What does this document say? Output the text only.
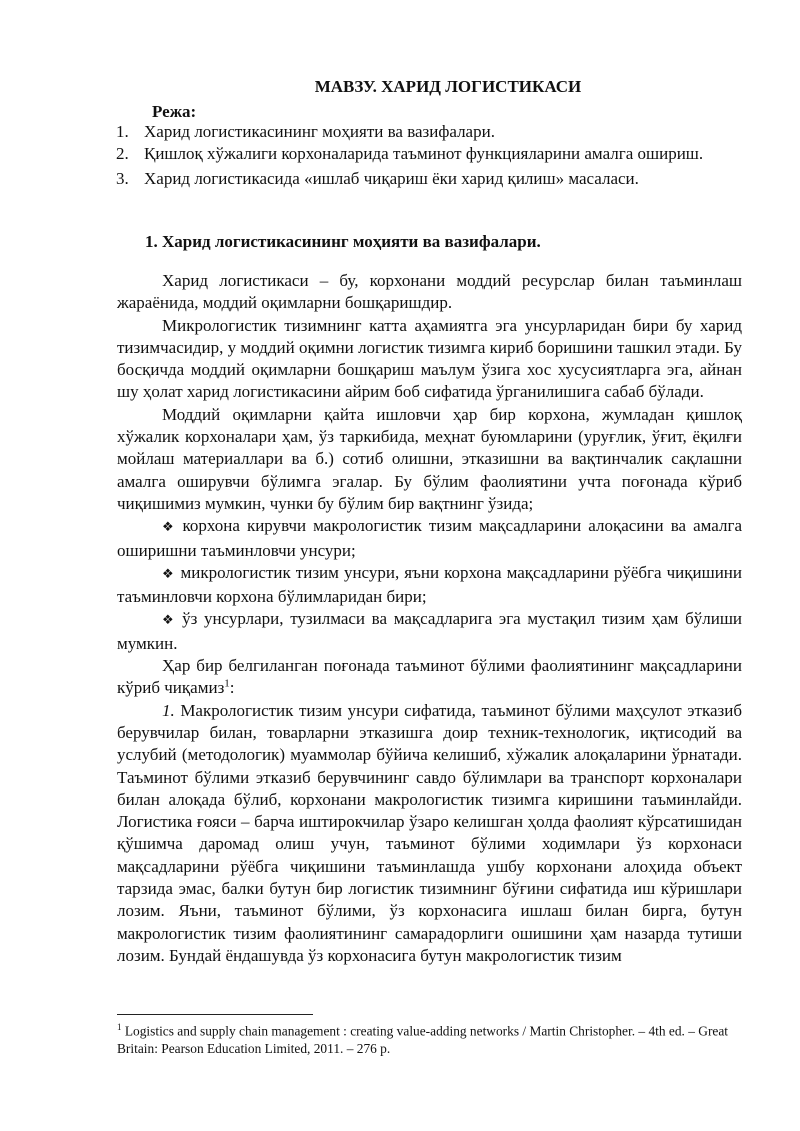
МАВЗУ. ХАРИД ЛОГИСТИКАСИ
Режа:
1. Харид логистикасининг моҳияти ва вазифалари.
2. Қишлоқ хўжалиги корхоналарида таъминот функцияларини амалга ошириш.
3. Харид логистикасида «ишлаб чиқариш ёки харид қилиш» масаласи.
1. Харид логистикасининг моҳияти ва вазифалари.

Харид логистикаси – бу, корхонани моддий ресурслар билан таъминлаш жараёнида, моддий оқимларни бошқаришдир.

Микрологистик тизимнинг катта аҳамиятга эга унсурларидан бири бу харид тизимчасидир, у моддий оқимни логистик тизимга кириб боришини ташкил этади. Бу босқичда моддий оқимларни бошқариш маълум ўзига хос хусусиятларга эга, айнан шу ҳолат харид логистикасини айрим боб сифатида ўрганилишига сабаб бўлади.

Моддий оқимларни қайта ишловчи ҳар бир корхона, жумладан қишлоқ хўжалик корхоналари ҳам, ўз таркибида, меҳнат буюмларини (уруғлик, ўғит, ёқилғи мойлаш материаллари ва б.) сотиб олишни, этказишни ва вақтинчалик сақлашни амалга оширувчи бўлимга эгалар. Бу бўлим фаолиятини учта поғонада кўриб чиқишимиз мумкин, чунки бу бўлим бир вақтнинг ўзида;

❖ корхона кирувчи макрологистик тизим мақсадларини алоқасини ва амалга оширишни таъминловчи унсури;

❖ микрологистик тизим унсури, яъни корхона мақсадларини рўёбга чиқишини таъминловчи корхона бўлимларидан бири;

❖ ўз унсурлари, тузилмаси ва мақсадларига эга мустақил тизим ҳам бўлиши мумкин.

Ҳар бир белгиланган поғонада таъминот бўлими фаолиятининг мақсадларини кўриб чиқамиз$^1$:

1. Макрологистик тизим унсури сифатида, таъминот бўлими маҳсулот этказиб берувчилар билан, товарларни этказишга доир техник-технологик, иқтисодий ва услубий (методологик) муаммолар бўйича келишиб, хўжалик алоқаларини ўрнатади. Таъминот бўлими этказиб берувчининг савдо бўлимлари ва транспорт корхоналари билан алоқада бўлиб, корхонани макрологистик тизимга киришини таъминлайди. Логистика ғояси – барча иштирокчилар ўзаро келишган ҳолда фаолият кўрсатишидан қўшимча даромад олиш учун, таъминот бўлими ходимлари ўз корхонаси мақсадларини рўёбга чиқишини таъминлашда ушбу корхонани алоҳида объект тарзида эмас, балки бутун бир логистик тизимнинг бўғини сифатида иш кўришлари лозим. Яъни, таъминот бўлими, ўз корхонасига ишлаш билан бирга, бутун макрологистик тизим фаолиятининг самарадорлиги ошишини ҳам назарда тутиши лозим. Бундай ёндашувда ўз корхонасига бутун макрологистик тизим

$^1$ Logistics and supply chain management : creating value-adding networks / Martin Christopher. – 4th ed. – Great Britain: Pearson Education Limited, 2011. – 276 p.
